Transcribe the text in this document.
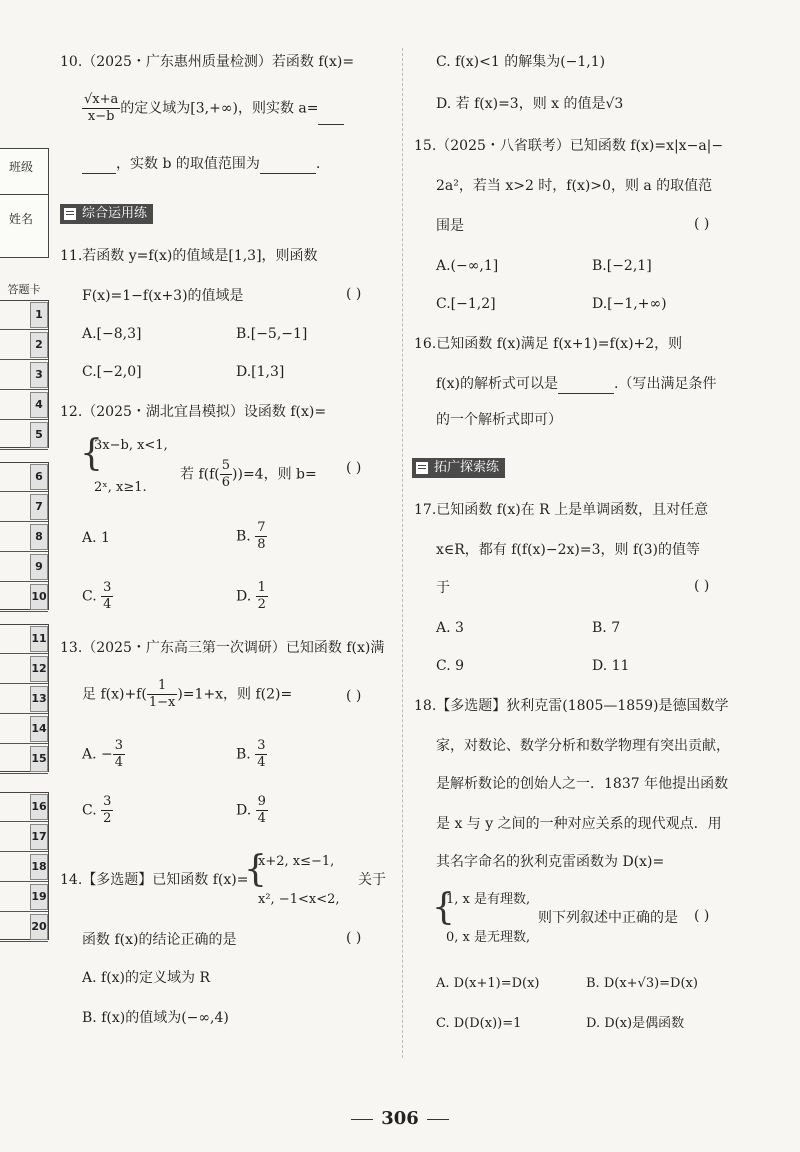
班级
姓名
答题卡
1
2
3
4
5
6
7
8
9
10
11
12
13
14
15
16
17
18
19
20
10.（2025・广东惠州质量检测）若函数 f(x)=
$\frac{√x+a}{x-b}$ 的定义域为[3,+∞)，则实数 a=
，实数 b 的取值范围为	.
综合运用练
11.若函数 y=f(x)的值域是[1,3]，则函数
F(x)=1−f(x+3)的值域是	( )
A.[−8,3]	B.[−5,−1]
C.[−2,0]	D.[1,3]
12.（2025・湖北宜昌模拟）设函数 f(x)=
{
3x−b, x<1,
2ˣ, x≥1.
若 $f(f( \frac{5}{6} ))=4$，则 b= ( )
A. 1	B. $\frac{7}{8}$
C. $\frac{3}{4}$	D. $\frac{1}{2}$
13.（2025・广东高三第一次调研）已知函数 f(x)满
足 $f(x)+f( \frac{1}{1-x} )=1+x$，则 f(2)=	( )
A. − $\frac{3}{4}$	B. $\frac{3}{4}$
C. $\frac{3}{2}$	D. $\frac{9}{4}$
14.【多选题】已知函数 f(x)=
{
x+2, x≤−1,
x², −1<x<2,
关于
函数 f(x)的结论正确的是	( )
A. f(x)的定义域为 R
B. f(x)的值域为(−∞,4)
C. f(x)<1 的解集为(−1,1)
D. 若 f(x)=3，则 x 的值是√3
15.（2025・八省联考）已知函数 f(x)=x|x−a|−
2a²，若当 x>2 时，f(x)>0，则 a 的取值范
围是	( )
A.(−∞,1]	B.[−2,1]
C.[−1,2]	D.[−1,+∞)
16.已知函数 f(x)满足 f(x+1)=f(x)+2，则
f(x)的解析式可以是	.（写出满足条件
的一个解析式即可）
拓广探索练
17.已知函数 f(x)在 R 上是单调函数，且对任意
x∈R，都有 f(f(x)−2x)=3，则 f(3)的值等
于	( )
A. 3	B. 7
C. 9	D. 11
18.【多选题】狄利克雷(1805—1859)是德国数学
家，对数论、数学分析和数学物理有突出贡献，
是解析数论的创始人之一．1837 年他提出函数
是 x 与 y 之间的一种对应关系的现代观点．用
其名字命名的狄利克雷函数为 D(x)=
{
1, x 是有理数,
0, x 是无理数,
则下列叙述中正确的是 ( )
A. D(x+1)=D(x)	B. D(x+√3)=D(x)
C. D(D(x))=1	D. D(x)是偶函数
306
